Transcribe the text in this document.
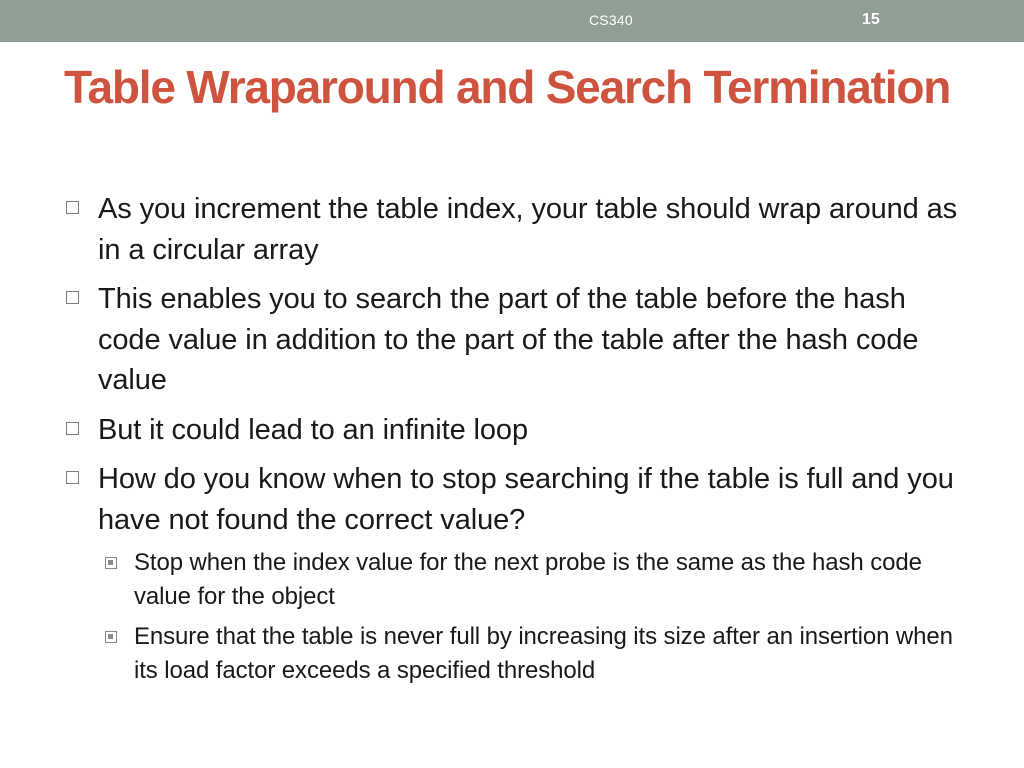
CS340	15
Table Wraparound and Search Termination
As you increment the table index, your table should wrap around as in a circular array
This enables you to search the part of the table before the hash code value in addition to the part of the table after the hash code value
But it could lead to an infinite loop
How do you know when to stop searching if the table is full and you have not found the correct value?
Stop when the index value for the next probe is the same as the hash code value for the object
Ensure that the table is never full by increasing its size after an insertion when its load factor exceeds a specified threshold
